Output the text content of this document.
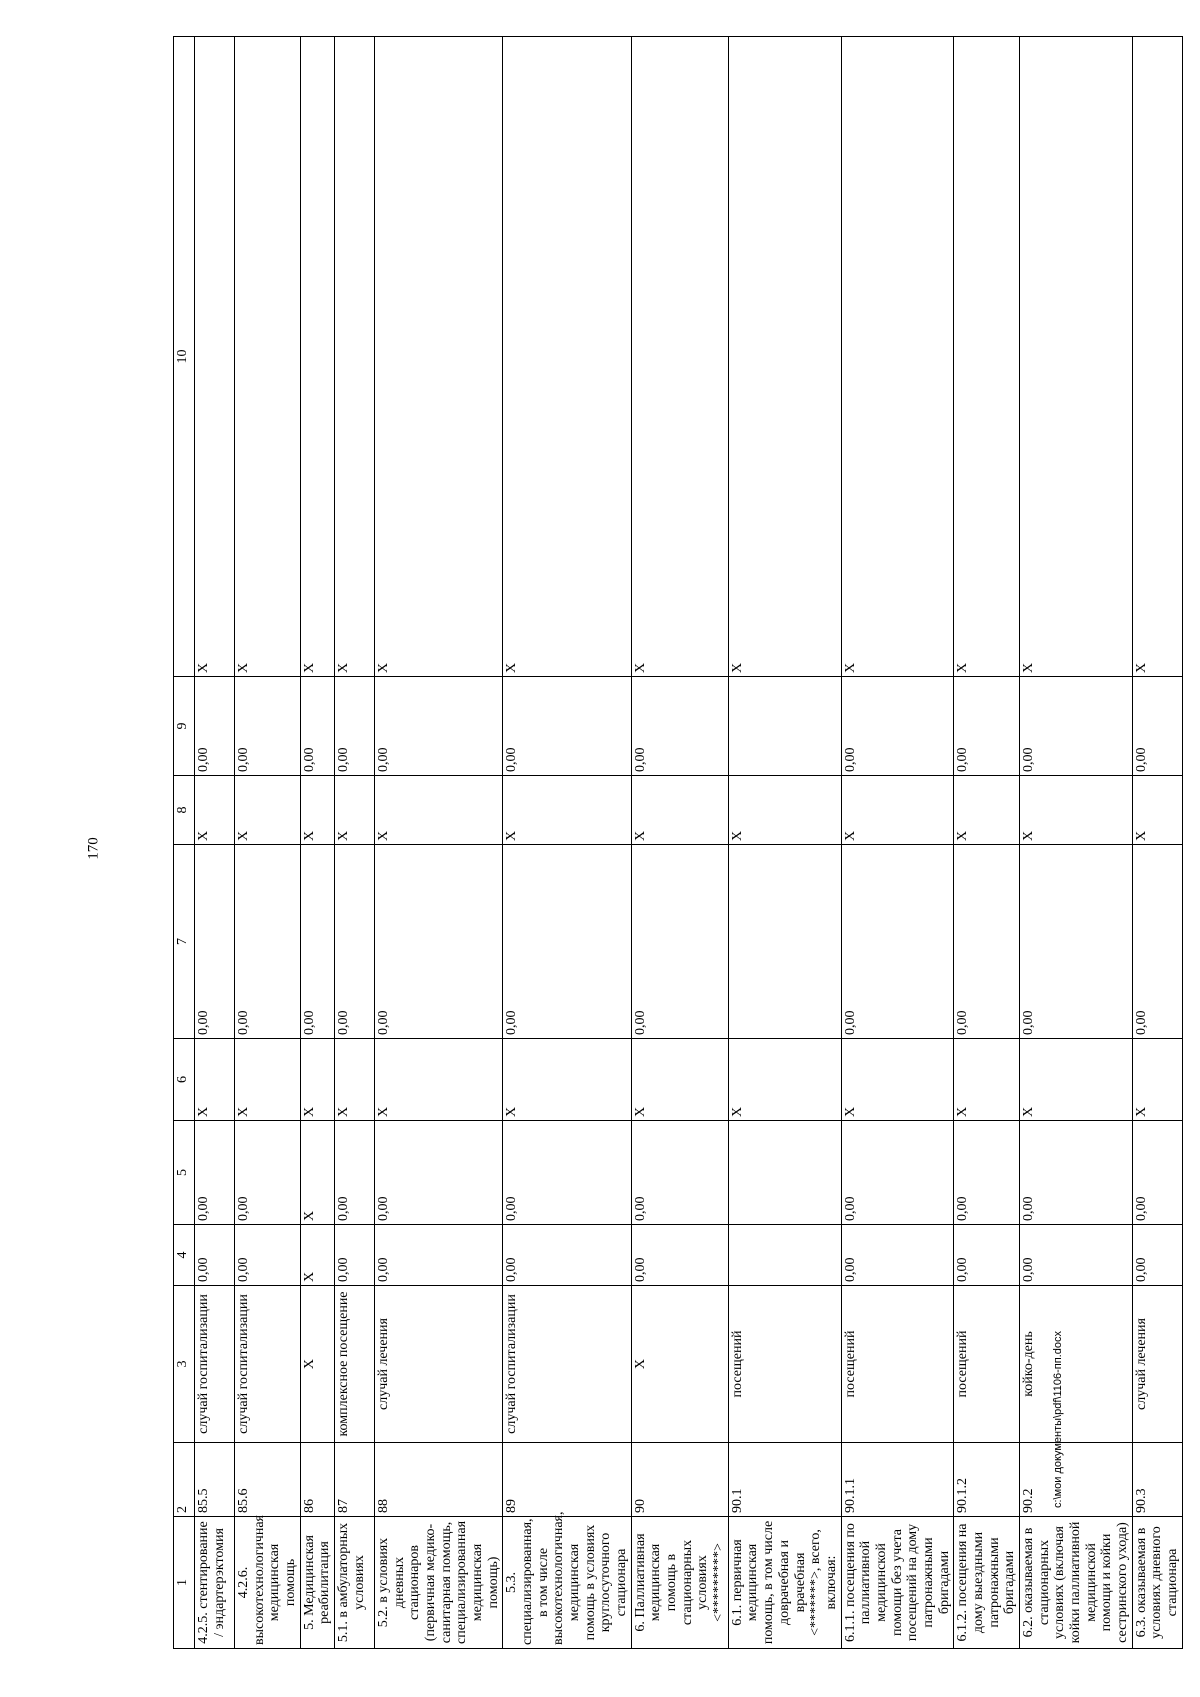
170
1	2	3	4	5	6	7	8	9	10
4.2.5. стентирование / эндартерэктомия	85.5	случай госпитализации	0,00	0,00	X	0,00	X	0,00	X
4.2.6. высокотехнологичная медицинская помощь	85.6	случай госпитализации	0,00	0,00	X	0,00	X	0,00	X
5. Медицинская реабилитация	86	X	X	X	X	0,00	X	0,00	X
5.1. в амбулаторных условиях	87	комплексное посещение	0,00	0,00	X	0,00	X	0,00	X
5.2. в условиях дневных стационаров (первичная медико-санитарная помощь, специализированная медицинская помощь)	88	случай лечения	0,00	0,00	X	0,00	X	0,00	X
5.3. специализированная, в том числе высокотехнологичная, медицинская помощь в условиях круглосуточного стационара	89	случай госпитализации	0,00	0,00	X	0,00	X	0,00	X
6. Паллиативная медицинская помощь в стационарных условиях <*********>	90	X	0,00	0,00	X	0,00	X	0,00	X
6.1. первичная медицинская помощь, в том числе доврачебная и врачебная <*******>, всего, включая:	90.1	посещений			X		X		X
6.1.1. посещения по паллиативной медицинской помощи без учета посещений на дому патронажными бригадами	90.1.1	посещений	0,00	0,00	X	0,00	X	0,00	X
6.1.2. посещения на дому выездными патронажными бригадами	90.1.2	посещений	0,00	0,00	X	0,00	X	0,00	X
6.2. оказываемая в стационарных условиях (включая койки паллиативной медицинской помощи и койки сестринского ухода)	90.2	койко-день	0,00	0,00	X	0,00	X	0,00	X
6.3. оказываемая в условиях дневного стационара	90.3	случай лечения	0,00	0,00	X	0,00	X	0,00	X
c:\мои документы\pdf\1106-пп.docx
